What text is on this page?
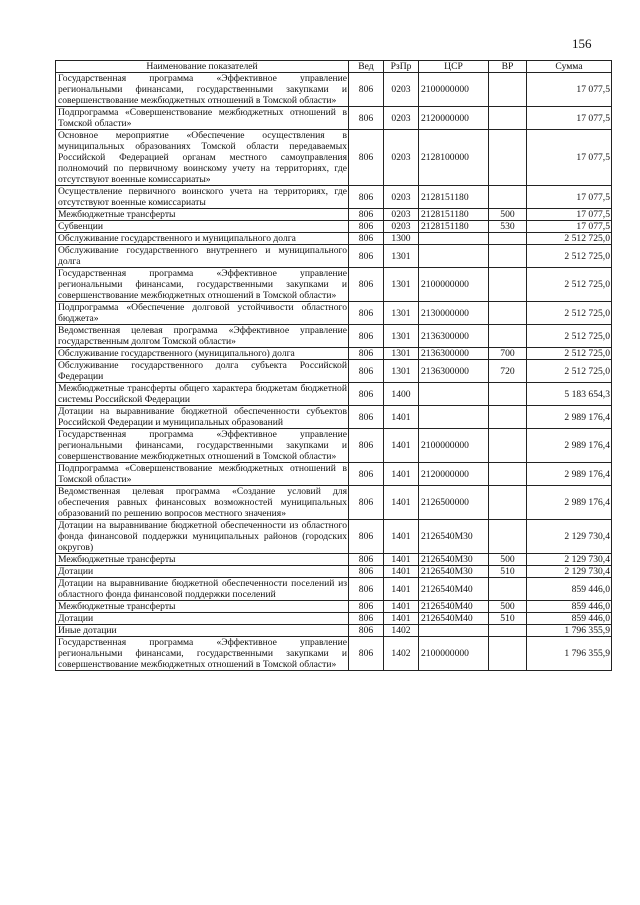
156
Наименование показателей	Вед	РзПр	ЦСР	ВР	Сумма
Государственная программа «Эффективное управление региональными финансами, государственными закупками и совершенствование межбюджетных отношений в Томской области»	806	0203	2100000000		17 077,5
Подпрограмма «Совершенствование межбюджетных отношений в Томской области»	806	0203	2120000000		17 077,5
Основное мероприятие «Обеспечение осуществления в муниципальных образованиях Томской области передаваемых Российской Федерацией органам местного самоуправления полномочий по первичному воинскому учету на территориях, где отсутствуют военные комиссариаты»	806	0203	2128100000		17 077,5
Осуществление первичного воинского учета на территориях, где отсутствуют военные комиссариаты	806	0203	2128151180		17 077,5
Межбюджетные трансферты	806	0203	2128151180	500	17 077,5
Субвенции	806	0203	2128151180	530	17 077,5
Обслуживание государственного и муниципального долга	806	1300			2 512 725,0
Обслуживание государственного внутреннего и муниципального долга	806	1301			2 512 725,0
Государственная программа «Эффективное управление региональными финансами, государственными закупками и совершенствование межбюджетных отношений в Томской области»	806	1301	2100000000		2 512 725,0
Подпрограмма «Обеспечение долговой устойчивости областного бюджета»	806	1301	2130000000		2 512 725,0
Ведомственная целевая программа «Эффективное управление государственным долгом Томской области»	806	1301	2136300000		2 512 725,0
Обслуживание государственного (муниципального) долга	806	1301	2136300000	700	2 512 725,0
Обслуживание государственного долга субъекта Российской Федерации	806	1301	2136300000	720	2 512 725,0
Межбюджетные трансферты общего характера бюджетам бюджетной системы Российской Федерации	806	1400			5 183 654,3
Дотации на выравнивание бюджетной обеспеченности субъектов Российской Федерации и муниципальных образований	806	1401			2 989 176,4
Государственная программа «Эффективное управление региональными финансами, государственными закупками и совершенствование межбюджетных отношений в Томской области»	806	1401	2100000000		2 989 176,4
Подпрограмма «Совершенствование межбюджетных отношений в Томской области»	806	1401	2120000000		2 989 176,4
Ведомственная целевая программа «Создание условий для обеспечения равных финансовых возможностей муниципальных образований по решению вопросов местного значения»	806	1401	2126500000		2 989 176,4
Дотации на выравнивание бюджетной обеспеченности из областного фонда финансовой поддержки муниципальных районов (городских округов)	806	1401	2126540М30		2 129 730,4
Межбюджетные трансферты	806	1401	2126540М30	500	2 129 730,4
Дотации	806	1401	2126540М30	510	2 129 730,4
Дотации на выравнивание бюджетной обеспеченности поселений из областного фонда финансовой поддержки поселений	806	1401	2126540М40		859 446,0
Межбюджетные трансферты	806	1401	2126540М40	500	859 446,0
Дотации	806	1401	2126540М40	510	859 446,0
Иные дотации	806	1402			1 796 355,9
Государственная программа «Эффективное управление региональными финансами, государственными закупками и совершенствование межбюджетных отношений в Томской области»	806	1402	2100000000		1 796 355,9
